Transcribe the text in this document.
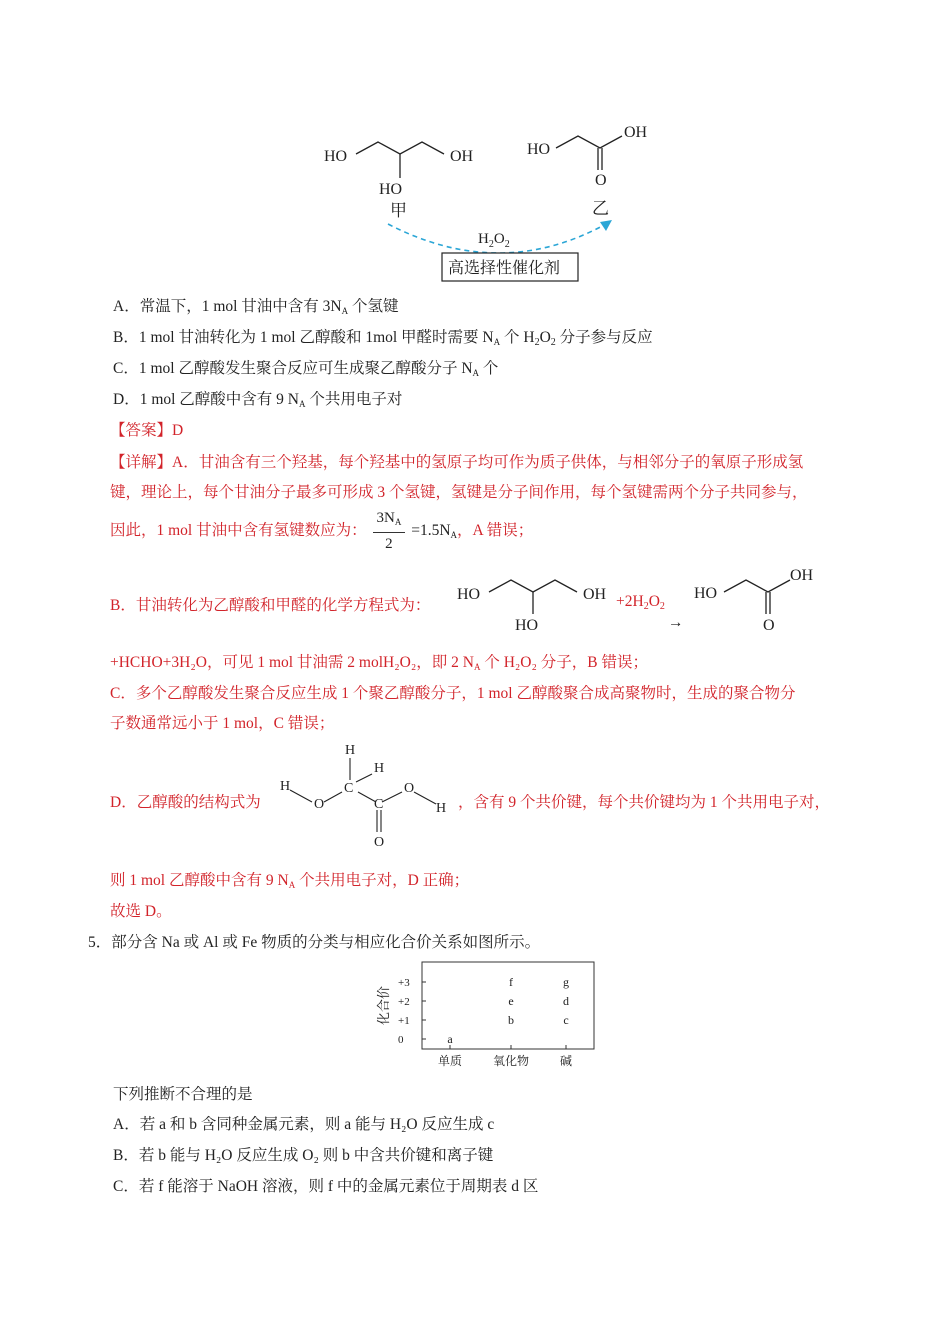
HO	OH
HO
甲
HO
OH
O
乙
$H_2O_2$
高选择性催化剂
A．常温下，1 mol 甘油中含有 $3N_A$ 个氢键
B．1 mol 甘油转化为 1 mol 乙醇酸和 1mol 甲醛时需要 $N_A$ 个 $H_2O_2$ 分子参与反应
C．1 mol 乙醇酸发生聚合反应可生成聚乙醇酸分子 $N_A$ 个
D．1 mol 乙醇酸中含有 9 $N_A$ 个共用电子对
【答案】D
【详解】A．甘油含有三个羟基，每个羟基中的氢原子均可作为质子供体，与相邻分子的氧原子形成氢
键，理论上，每个甘油分子最多可形成 3 个氢键，氢键是分子间作用，每个氢键需两个分子共同参与，
因此，1 mol 甘油中含有氢键数应为： $\frac{3N_A}{2} =1.5N_A$，A 错误；
B．甘油转化为乙醇酸和甲醛的化学方程式为：
HO	OH
HO
$+2H_2O_2$
→
HO
OH
O
+HCHO+3H₂O，可见 1 mol 甘油需 2 molH₂O₂，即 2 $N_A$ 个 H₂O₂ 分子，B 错误；
C．多个乙醇酸发生聚合反应生成 1 个聚乙醇酸分子，1 mol 乙醇酸聚合成高聚物时，生成的聚合物分
子数通常远小于 1 mol，C 错误；
D．乙醇酸的结构式为
H
O
H
C
H
C
O
H
O
，含有 9 个共价键，每个共价键均为 1 个共用电子对，
则 1 mol 乙醇酸中含有 9 $N_A$ 个共用电子对，D 正确；
故选 D。
5．部分含 Na 或 Al 或 Fe 物质的分类与相应化合价关系如图所示。
化合价
+3
+2
+1
0
单质	氧化物	碱
a
b
e
f
c
d
g
下列推断不合理的是
A．若 a 和 b 含同种金属元素，则 a 能与 H₂O 反应生成 c
B．若 b 能与 H₂O 反应生成 O₂ 则 b 中含共价键和离子键
C．若 f 能溶于 NaOH 溶液，则 f 中的金属元素位于周期表 d 区
